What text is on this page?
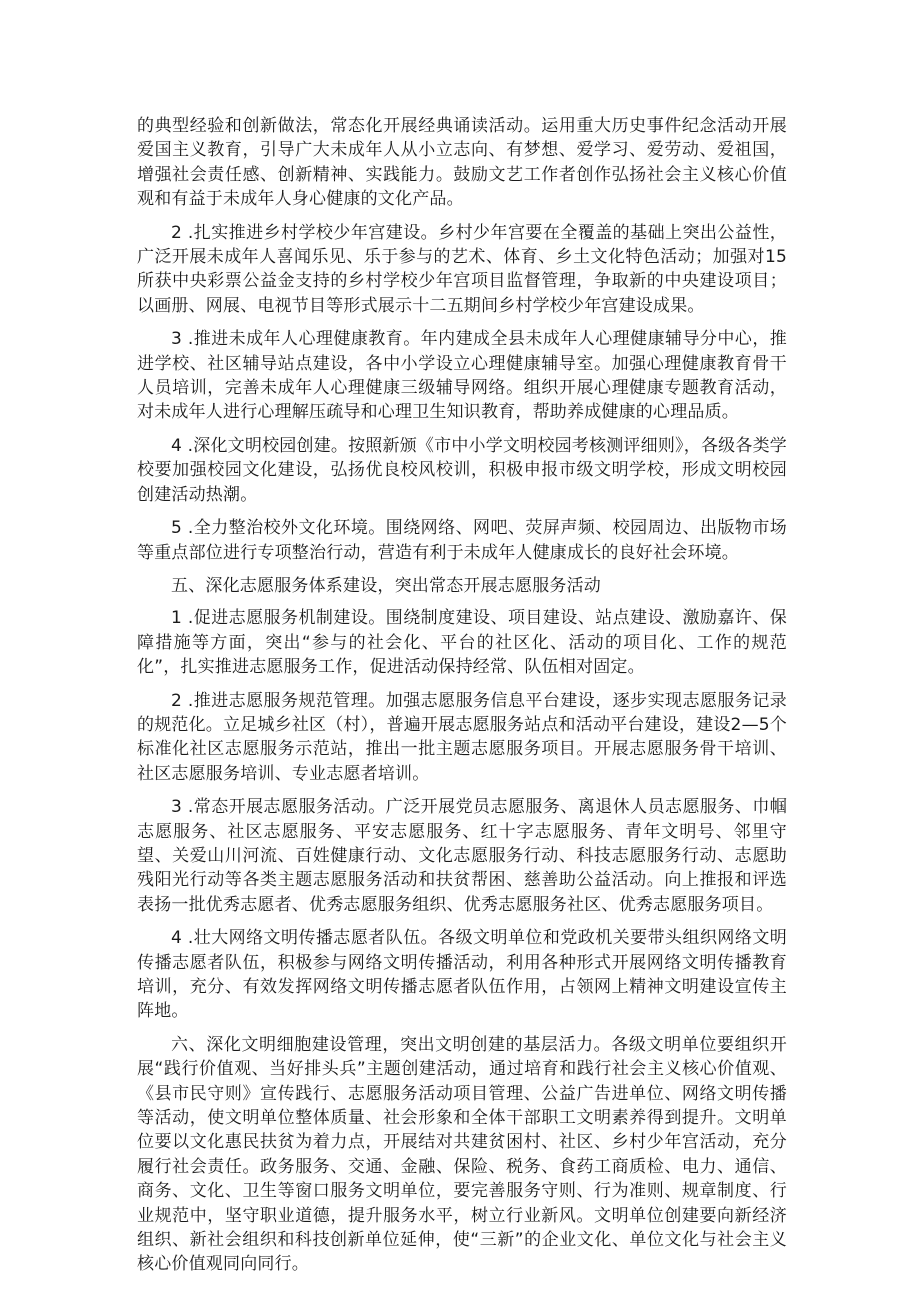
的典型经验和创新做法，常态化开展经典诵读活动。运用重大历史事件纪念活动开展爱国主义教育，引导广大未成年人从小立志向、有梦想、爱学习、爱劳动、爱祖国，增强社会责任感、创新精神、实践能力。鼓励文艺工作者创作弘扬社会主义核心价值观和有益于未成年人身心健康的文化产品。

2 .扎实推进乡村学校少年宫建设。乡村少年宫要在全覆盖的基础上突出公益性，广泛开展未成年人喜闻乐见、乐于参与的艺术、体育、乡土文化特色活动；加强对15所获中央彩票公益金支持的乡村学校少年宫项目监督管理，争取新的中央建设项目；以画册、网展、电视节目等形式展示十二五期间乡村学校少年宫建设成果。

3 .推进未成年人心理健康教育。年内建成全县未成年人心理健康辅导分中心，推进学校、社区辅导站点建设，各中小学设立心理健康辅导室。加强心理健康教育骨干人员培训，完善未成年人心理健康三级辅导网络。组织开展心理健康专题教育活动，对未成年人进行心理解压疏导和心理卫生知识教育，帮助养成健康的心理品质。

4 .深化文明校园创建。按照新颁《市中小学文明校园考核测评细则》，各级各类学校要加强校园文化建设，弘扬优良校风校训，积极申报市级文明学校，形成文明校园创建活动热潮。

5 .全力整治校外文化环境。围绕网络、网吧、荧屏声频、校园周边、出版物市场等重点部位进行专项整治行动，营造有利于未成年人健康成长的良好社会环境。

五、深化志愿服务体系建设，突出常态开展志愿服务活动

1 .促进志愿服务机制建设。围绕制度建设、项目建设、站点建设、激励嘉许、保障措施等方面，突出“参与的社会化、平台的社区化、活动的项目化、工作的规范化”，扎实推进志愿服务工作，促进活动保持经常、队伍相对固定。

2 .推进志愿服务规范管理。加强志愿服务信息平台建设，逐步实现志愿服务记录的规范化。立足城乡社区（村），普遍开展志愿服务站点和活动平台建设，建设2—5个标准化社区志愿服务示范站，推出一批主题志愿服务项目。开展志愿服务骨干培训、社区志愿服务培训、专业志愿者培训。

3 .常态开展志愿服务活动。广泛开展党员志愿服务、离退休人员志愿服务、巾帼志愿服务、社区志愿服务、平安志愿服务、红十字志愿服务、青年文明号、邻里守望、关爱山川河流、百姓健康行动、文化志愿服务行动、科技志愿服务行动、志愿助残阳光行动等各类主题志愿服务活动和扶贫帮困、慈善助公益活动。向上推报和评选表扬一批优秀志愿者、优秀志愿服务组织、优秀志愿服务社区、优秀志愿服务项目。

4 .壮大网络文明传播志愿者队伍。各级文明单位和党政机关要带头组织网络文明传播志愿者队伍，积极参与网络文明传播活动，利用各种形式开展网络文明传播教育培训，充分、有效发挥网络文明传播志愿者队伍作用，占领网上精神文明建设宣传主阵地。

六、深化文明细胞建设管理，突出文明创建的基层活力。各级文明单位要组织开展“践行价值观、当好排头兵”主题创建活动，通过培育和践行社会主义核心价值观、《县市民守则》宣传践行、志愿服务活动项目管理、公益广告进单位、网络文明传播等活动，使文明单位整体质量、社会形象和全体干部职工文明素养得到提升。文明单位要以文化惠民扶贫为着力点，开展结对共建贫困村、社区、乡村少年宫活动，充分履行社会责任。政务服务、交通、金融、保险、税务、食药工商质检、电力、通信、商务、文化、卫生等窗口服务文明单位，要完善服务守则、行为准则、规章制度、行业规范中，坚守职业道德，提升服务水平，树立行业新风。文明单位创建要向新经济组织、新社会组织和科技创新单位延伸，使“三新”的企业文化、单位文化与社会主义核心价值观同向同行。
